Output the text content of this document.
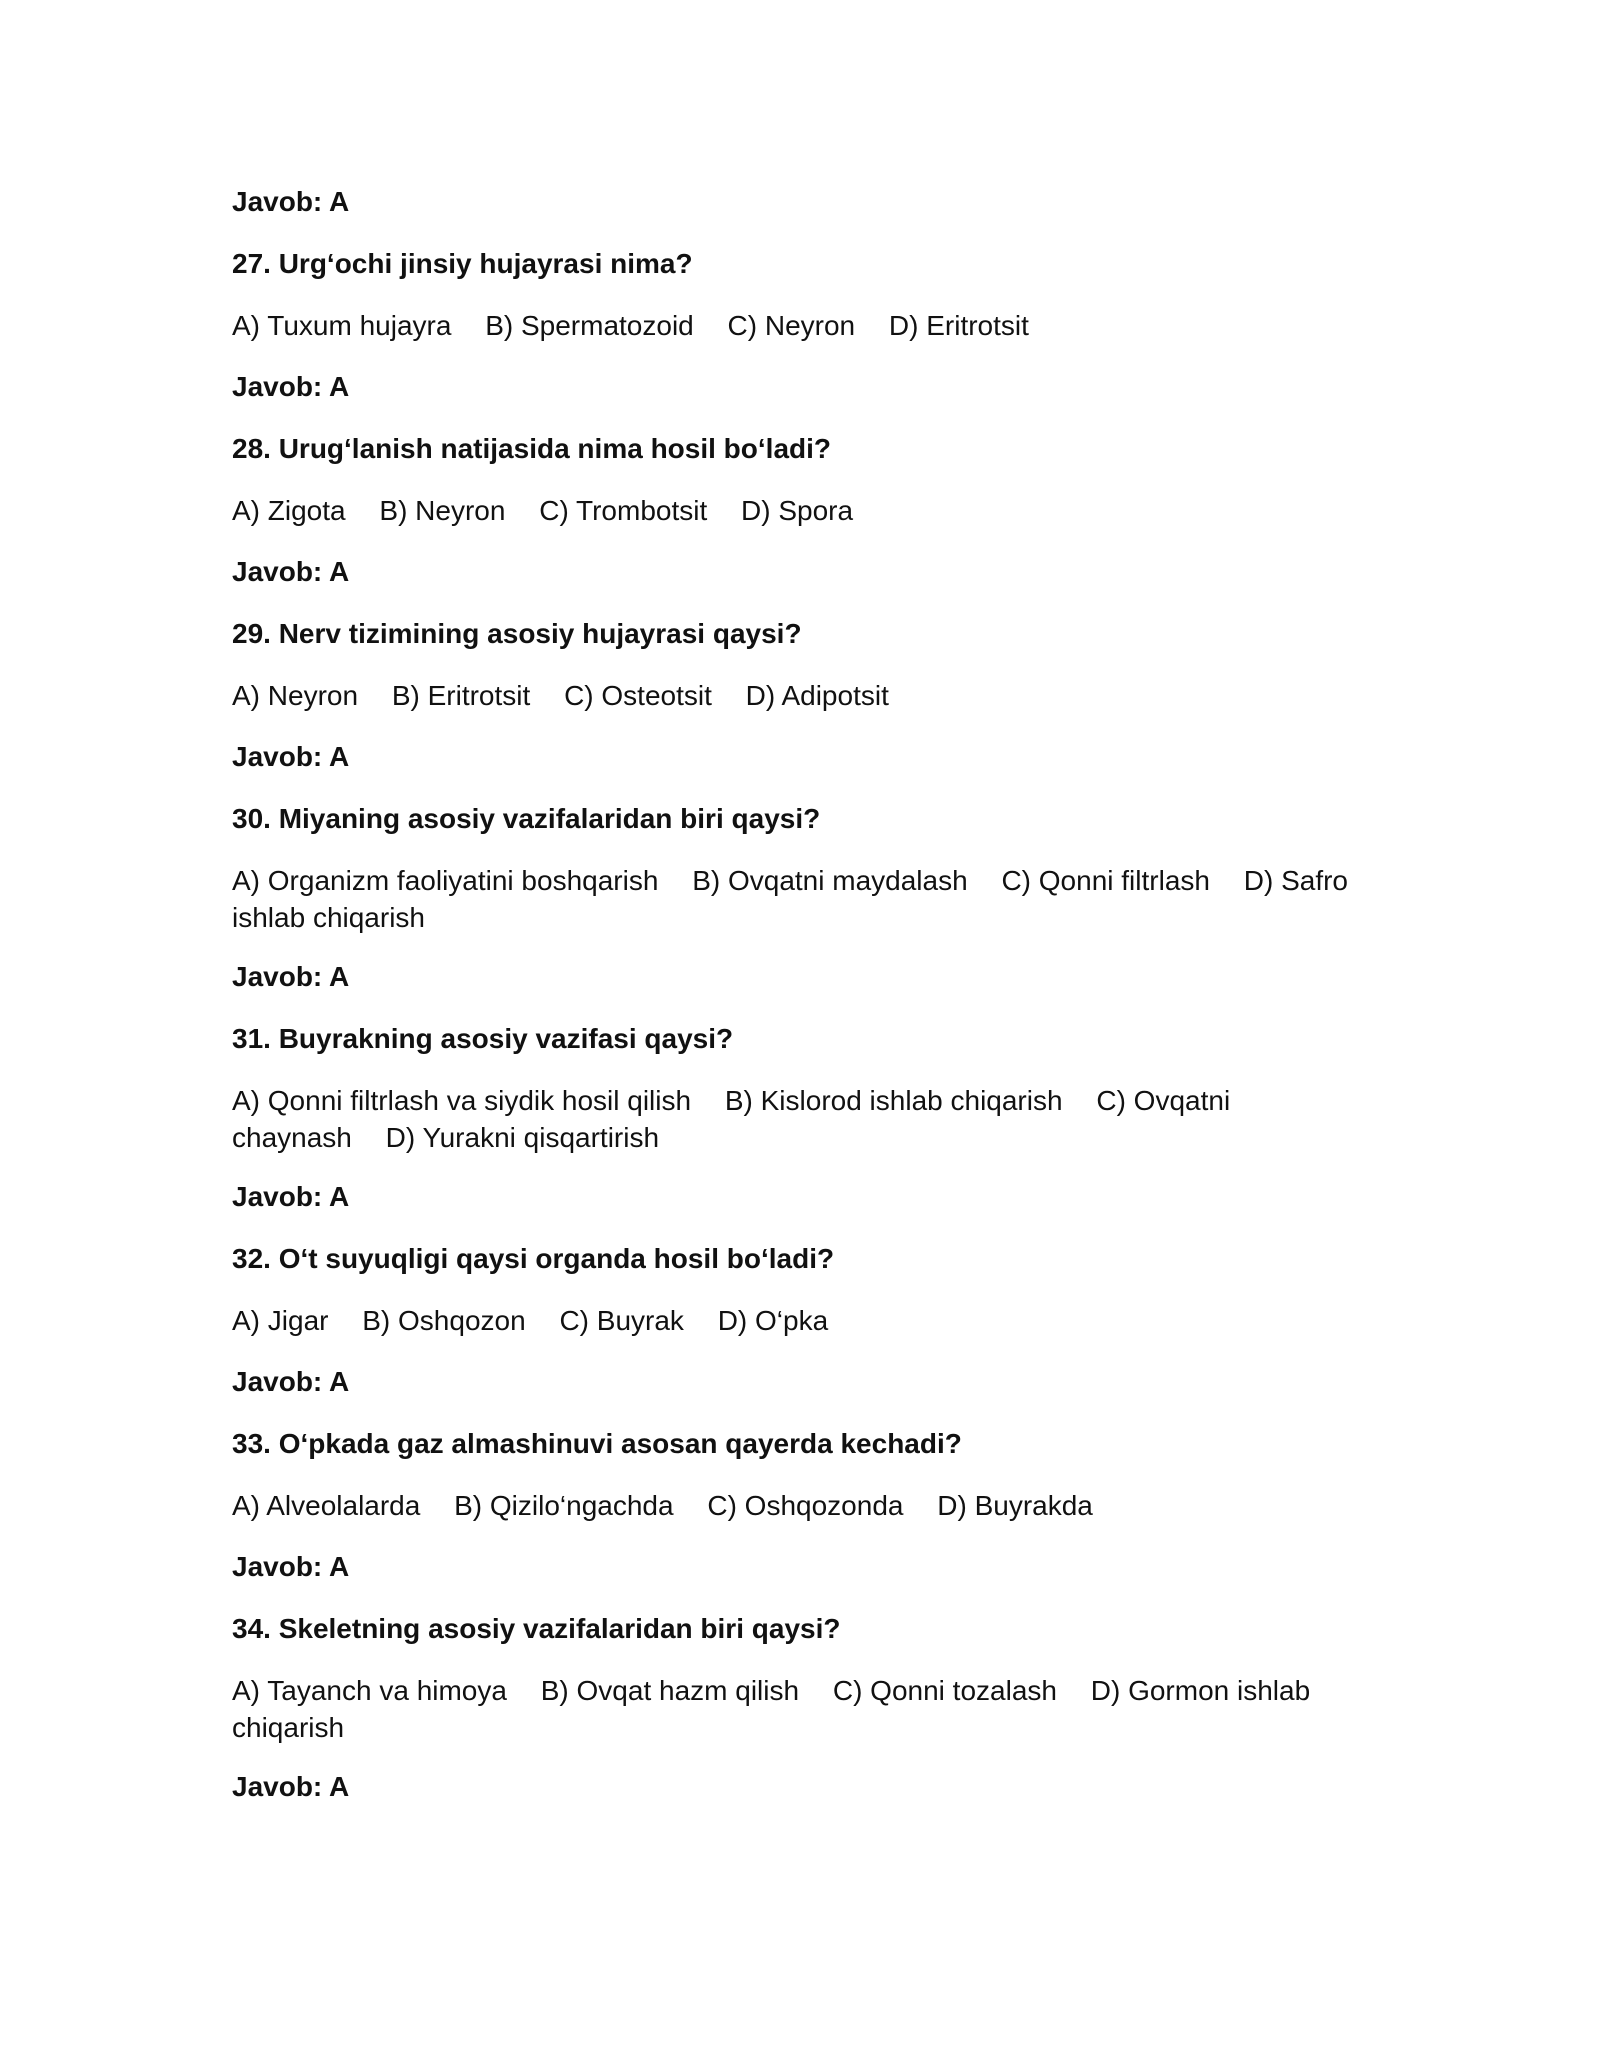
Javob: A
27. Urg‘ochi jinsiy hujayrasi nima?
A) Tuxum hujayra B) Spermatozoid C) Neyron D) Eritrotsit
Javob: A
28. Urug‘lanish natijasida nima hosil bo‘ladi?
A) Zigota B) Neyron C) Trombotsit D) Spora
Javob: A
29. Nerv tizimining asosiy hujayrasi qaysi?
A) Neyron B) Eritrotsit C) Osteotsit D) Adipotsit
Javob: A
30. Miyaning asosiy vazifalaridan biri qaysi?
A) Organizm faoliyatini boshqarish B) Ovqatni maydalash C) Qonni filtrlash D) Safro ishlab chiqarish
Javob: A
31. Buyrakning asosiy vazifasi qaysi?
A) Qonni filtrlash va siydik hosil qilish B) Kislorod ishlab chiqarish C) Ovqatni chaynash D) Yurakni qisqartirish
Javob: A
32. O‘t suyuqligi qaysi organda hosil bo‘ladi?
A) Jigar B) Oshqozon C) Buyrak D) O‘pka
Javob: A
33. O‘pkada gaz almashinuvi asosan qayerda kechadi?
A) Alveolalarda B) Qizilo‘ngachda C) Oshqozonda D) Buyrakda
Javob: A
34. Skeletning asosiy vazifalaridan biri qaysi?
A) Tayanch va himoya B) Ovqat hazm qilish C) Qonni tozalash D) Gormon ishlab chiqarish
Javob: A
